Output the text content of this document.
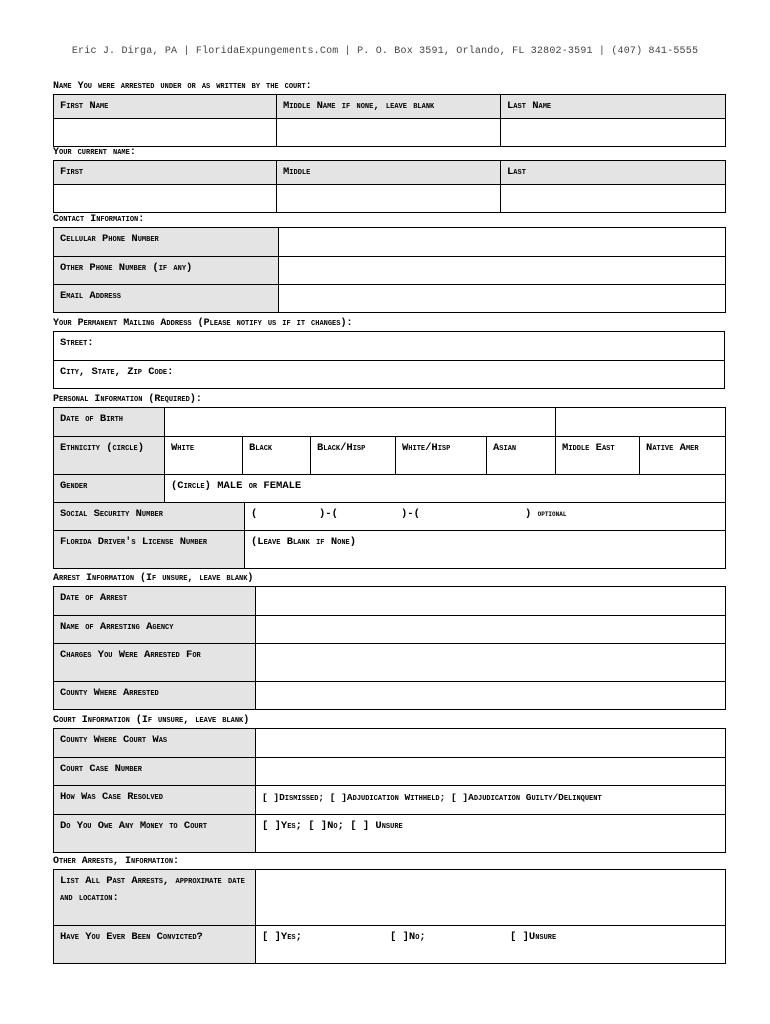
Eric J. Dirga, PA | FloridaExpungements.Com | P. O. Box 3591, Orlando, FL 32802-3591 | (407) 841-5555
Name You were arrested under or as written by the court:
First Name	Middle Name if none, leave blank	Last Name

Your current name:
First	Middle	Last

Contact Information:
Cellular Phone Number	
Other Phone Number (if any)	
Email Address	
Your Permanent Mailing Address (Please notify us if it changes):
Street:
City, State, Zip Code:
Personal Information (Required):
Date of Birth							
Ethnicity (circle)	White	Black	Black/Hisp	White/Hisp	Asian	Middle East	Native Amer
Gender	(Circle) MALE or FEMALE						
Social Security Number	( )-( )-( ) optional
Florida Driver's License Number	(Leave Blank if None)
Arrest Information (If unsure, leave blank)
Date of Arrest	
Name of Arresting Agency	
Charges You Were Arrested For	
County Where Arrested	
Court Information (If unsure, leave blank)
County Where Court Was	
Court Case Number	
How Was Case Resolved	[ ]Dismissed; [ ]Adjudication Withheld; [ ]Adjudication Guilty/Delinquent
Do You Owe Any Money to Court	[ ]Yes; [ ]No; [ ] Unsure
Other Arrests, Information:
List All Past Arrests, approximate date and location:	
Have You Ever Been Convicted?	[ ]Yes; [ ]No; [ ]Unsure
